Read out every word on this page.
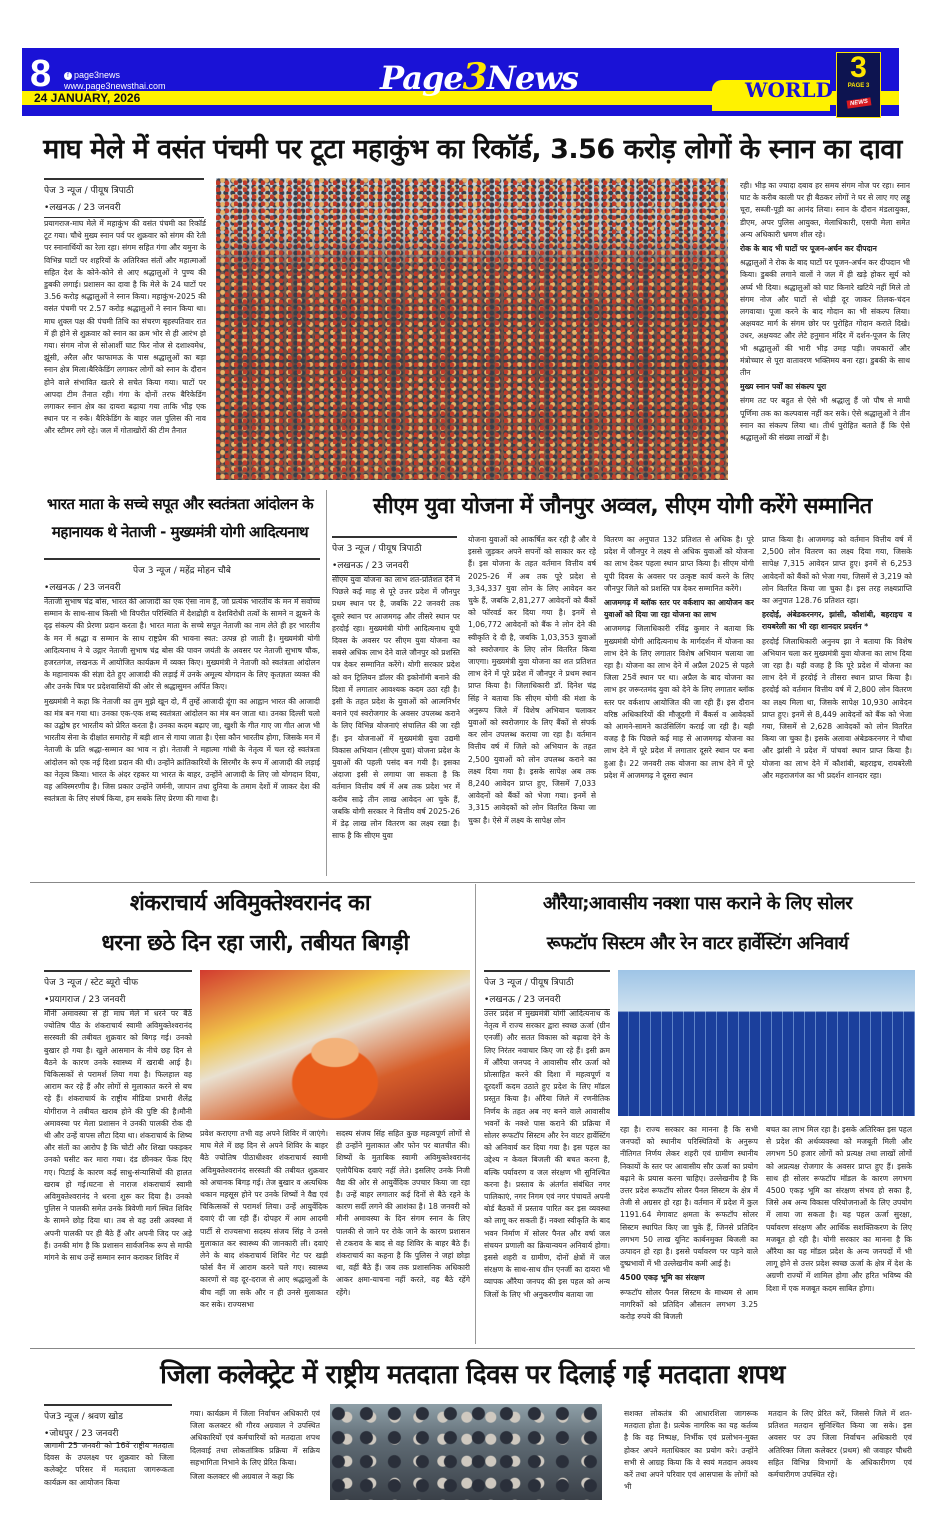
8	f page3news
www.page3newsthai.com
24 JANUARY, 2026
Page3News	WORLD
3
PAGE 3
NEWS
माघ मेले में वसंत पंचमी पर टूटा महाकुंभ का रिकॉर्ड, 3.56 करोड़ लोगों के स्नान का दावा
पेज 3 न्यूज / पीयूष त्रिपाठी
• लखनऊ / 23 जनवरी

प्रयागराज-माघ मेले में महाकुंभ की वसंत पंचमी का रिकॉर्ड टूट गया। चौथे मुख्य स्नान पर्व पर शुक्रवार को संगम की रेती पर स्नानार्थियों का रेला रहा। संगम सहित गंगा और यमुना के विभिन्न घाटों पर शहरियों के अतिरिक्त संतों और महात्माओं सहित देश के कोने-कोने से आए श्रद्धालुओं ने पुण्य की डुबकी लगाई। प्रशासन का दावा है कि मेले के 24 घाटों पर 3.56 करोड़ श्रद्धालुओं ने स्नान किया। महाकुंभ-2025 की वसंत पंचमी पर 2.57 करोड़ श्रद्धालुओं ने स्नान किया था।माघ शुक्ल पक्ष की पंचमी तिथि का संचरण बृहस्पतिवार रात में ही होने से शुक्रवार को स्नान का क्रम भोर से ही आरंभ हो गया। संगम नोज से सोआर्शी घाट फिर नोज से दशाश्वमेध, झूंसी, अरैल और फाफामऊ के पास श्रद्धालुओं का बड़ा स्नान क्षेत्र मिला।बैरिकेडिंग लगाकर लोगों को स्नान के दौरान होने वाले संभावित खतरे से सचेत किया गया। घाटों पर आपदा टीम तैनात रही। गंगा के दोनों तरफ बैरिकेडिंग लगाकर स्नान क्षेत्र का दायरा बढ़ाया गया ताकि भीड़ एक स्थान पर न रुके। बैरिकेडिंग के बाहर जल पुलिस की नाव और स्टीमर लगे रहे। जल में गोताखोरों की टीम तैनात

रही। भीड़ का ज्यादा दबाव हर समय संगम नोज पर रहा। स्नान घाट के करीब काली पर ही बैठकर लोगों ने घर से लाए गए लड्डू चूरा, सब्जी-पूड़ी का आनंद लिया। स्नान के दौरान मंडलायुक्त, डीएम, अपर पुलिस आयुक्त, मेलाधिकारी, एसपी मेला समेत अन्य अधिकारी भ्रमण शील रहे।

रोक के बाद भी घाटों पर पूजन-अर्चन कर दीपदान

श्रद्धालुओं ने रोक के बाद घाटों पर पूजन-अर्चन कर दीपदान भी किया। डुबकी लगाने वालों ने जल में ही खड़े होकर सूर्य को अर्घ्य भी दिया। श्रद्धालुओं को घाट किनारे खटिये नहीं मिले तो संगम नोज और घाटों से थोड़ी दूर जाकर तिलक-चंदन लगवाया। पूजा करने के बाद गोदान का भी संकल्प लिया। अक्षयवट मार्ग के संगम छोर पर पुरोहित गोदान कराते दिखे। उधर, अक्षयवट और लेटे हनुमान मंदिर में दर्शन-पूजन के लिए भी श्रद्धालुओं की भारी भीड़ उमड़ पड़ी। जयकारों और मंत्रोच्चार से पूरा वातावरण भक्तिमय बना रहा। डुबकी के साथ तीन

मुख्य स्नान पर्वों का संकल्प पूरा

संगम तट पर बहुत से ऐसे भी श्रद्धालु हैं जो पौष से माघी पूर्णिमा तक का कल्पवास नहीं कर सके। ऐसे श्रद्धालुओं ने तीन स्नान का संकल्प लिया था। तीर्थ पुरोहित बताते हैं कि ऐसे श्रद्धालुओं की संख्या लाखों में है।

भारत माता के सच्चे सपूत और स्वतंत्रता आंदोलन के महानायक थे नेताजी - मुख्यमंत्री योगी आदित्यनाथ
पेज 3 न्यूज / महेंद्र मोहन चौबे
• लखनऊ / 23 जनवरी

नेताजी सुभाष चंद्र बोस, भारत की आजादी का एक ऐसा नाम है, जो प्रत्येक भारतीय के मन में सर्वोच्च सम्मान के साथ-साथ किसी भी विपरीत परिस्थिति में देशद्रोही व देशविरोधी तत्वों के सामने न झुकने के दृढ़ संकल्प की प्रेरणा प्रदान करता है। भारत माता के सच्चे सपूत नेताजी का नाम लेते ही हर भारतीय के मन में श्रद्धा व सम्मान के साथ राष्ट्रप्रेम की भावना स्वत: उत्पन्न हो जाती है। मुख्यमंत्री योगी आदित्यनाथ ने ये उद्गार नेताजी सुभाष चंद्र बोस की पावन जयंती के अवसर पर नेताजी सुभाष चौक, हजरतगंज, लखनऊ में आयोजित कार्यक्रम में व्यक्त किए। मुख्यमंत्री ने नेताजी को स्वतंत्रता आंदोलन के महानायक की संज्ञा देते हुए आजादी की लड़ाई में उनके अमूल्य योगदान के लिए कृतज्ञता व्यक्त की और उनके चित्र पर प्रदेशवासियों की ओर से श्रद्धासुमन अर्पित किए।

मुख्यमंत्री ने कहा कि नेताजी का तुम मुझे खून दो, मैं तुम्हें आजादी दूंगा का आह्वान भारत की आजादी का मंत्र बन गया था। उनका एक-एक शब्द स्वतंत्रता आंदोलन का मंत्र बन जाता था। उनका दिल्ली चलो का उद्घोष हर भारतीय को प्रेरित करता है। उनका कदम बढ़ाए जा, खुशी के गीत गाए जा गीत आज भी भारतीय सेना के दीक्षांत समारोह में बड़ी शान से गाया जाता है। ऐसा कौन भारतीय होगा, जिसके मन में नेताजी के प्रति श्रद्धा-सम्मान का भाव न हो। नेताजी ने महात्मा गांधी के नेतृत्व में चल रहे स्वतंत्रता आंदोलन को एक नई दिशा प्रदान की थी। उन्होंने क्रांतिकारियों के सिरमौर के रूप में आजादी की लड़ाई का नेतृत्व किया। भारत के अंदर रहकर या भारत के बाहर, उन्होंने आजादी के लिए जो योगदान दिया, वह अविस्मरणीय है। जिस प्रकार उन्होंने जर्मनी, जापान तथा दुनिया के तमाम देशों में जाकर देश की स्वतंत्रता के लिए संघर्ष किया, हम सबके लिए प्रेरणा की गाथा है।

सीएम युवा योजना में जौनपुर अव्वल, सीएम योगी करेंगे सम्मानित
पेज 3 न्यूज / पीयूष त्रिपाठी
• लखनऊ / 23 जनवरी

सीएम युवा योजना का लाभ शत-प्रतिशत देने में पिछले कई माह से पूरे उत्तर प्रदेश में जौनपुर प्रथम स्थान पर है, जबकि 22 जनवरी तक दूसरे स्थान पर आजमगढ़ और तीसरे स्थान पर हरदोई रहा। मुख्यमंत्री योगी आदित्यनाथ यूपी दिवस के अवसर पर सीएम युवा योजना का सबसे अधिक लाभ देने वाले जौनपुर को प्रशस्ति पत्र देकर सम्मानित करेंगे। योगी सरकार प्रदेश को वन ट्रिलियन डॉलर की इकोनॉमी बनाने की दिशा में लगातार आवश्यक कदम उठा रही है। इसी के तहत प्रदेश के युवाओं को आत्मनिर्भर बनाने एवं स्वरोजगार के अवसर उपलब्ध कराने के लिए विभिन्न योजनाएं संचालित की जा रही हैं। इन योजनाओं में मुख्यमंत्री युवा उद्यमी विकास अभियान (सीएम युवा) योजना प्रदेश के युवाओं की पहली पसंद बन गयी है। इसका अंदाजा इसी से लगाया जा सकता है कि वर्तमान वित्तीय वर्ष में अब तक प्रदेश भर में करीब साढ़े तीन लाख आवेदन आ चुके हैं, जबकि योगी सरकार ने वित्तीय वर्ष 2025-26 में डेढ़ लाख लोन वितरण का लक्ष्य रखा है। साफ है कि सीएम युवा

योजना युवाओं को आकर्षित कर रही है और वे इससे जुड़कर अपने सपनों को साकार कर रहे हैं। इस योजना के तहत वर्तमान वित्तीय वर्ष 2025-26 में अब तक पूरे प्रदेश से 3,34,337 युवा लोन के लिए आवेदन कर चुके हैं, जबकि 2,81,277 आवेदनों को बैंकों को फॉरवर्ड कर दिया गया है। इनमें से 1,06,772 आवेदनों को बैंक ने लोन देने की स्वीकृति दे दी है, जबकि 1,03,353 युवाओं को स्वरोजगार के लिए लोन वितरित किया जाएगा। मुख्यमंत्री युवा योजना का शत प्रतिशत लाभ देने में पूरे प्रदेश में जौनपुर ने प्रथम स्थान प्राप्त किया है। जिलाधिकारी डॉ. दिनेश चंद्र सिंह ने बताया कि सीएम योगी की मंशा के अनुरूप जिले में विशेष अभियान चलाकर युवाओं को स्वरोजगार के लिए बैंकों से संपर्क कर लोन उपलब्ध कराया जा रहा है। वर्तमान वित्तीय वर्ष में जिले को अभियान के तहत 2,500 युवाओं को लोन उपलब्ध कराने का लक्ष्य दिया गया है। इसके सापेक्ष अब तक 8,240 आवेदन प्राप्त हुए, जिसमें 7,033 आवेदनों को बैंकों को भेजा गया। इनमें से 3,315 आवेदकों को लोन वितरित किया जा चुका है। ऐसे में लक्ष्य के सापेक्ष लोन

वितरण का अनुपात 132 प्रतिशत से अधिक है। पूरे प्रदेश में जौनपुर ने लक्ष्य से अधिक युवाओं को योजना का लाभ देकर पहला स्थान प्राप्त किया है। सीएम योगी यूपी दिवस के अवसर पर उत्कृष्ट कार्य करने के लिए जौनपुर जिले को प्रशस्ति पत्र देकर सम्मानित करेंगे।

आजमगढ़ में ब्लॉक स्तर पर वर्कशाप का आयोजन कर युवाओं को दिया जा रहा योजना का लाभ

आजमगढ़ जिलाधिकारी रविंद्र कुमार ने बताया कि मुख्यमंत्री योगी आदित्यनाथ के मार्गदर्शन में योजना का लाभ देने के लिए लगातार विशेष अभियान चलाया जा रहा है। योजना का लाभ देने में अप्रैल 2025 से पहले जिला 25वें स्थान पर था। अप्रैल के बाद योजना का लाभ हर जरूरतमंद युवा को देने के लिए लगातार ब्लॉक स्तर पर वर्कशाप आयोजित की जा रही हैं। इस दौरान वरिष्ठ अधिकारियों की मौजूदगी में बैंकर्स व आवेदकों को आमने-सामने काउंसिलिंग कराई जा रही है। यही वजह है कि पिछले कई माह से आजमगढ़ योजना का लाभ देने में पूरे प्रदेश में लगातार दूसरे स्थान पर बना हुआ है। 22 जनवरी तक योजना का लाभ देने में पूरे प्रदेश में आजमगढ़ ने दूसरा स्थान

प्राप्त किया है। आजमगढ़ को वर्तमान वित्तीय वर्ष में 2,500 लोन वितरण का लक्ष्य दिया गया, जिसके सापेक्ष 7,315 आवेदन प्राप्त हुए। इनमें से 6,253 आवेदनों को बैंकों को भेजा गया, जिसमें से 3,219 को लोन वितरित किया जा चुका है। इस तरह लक्ष्यप्राप्ति का अनुपात 128.76 प्रतिशत रहा।

हरदोई, अंबेडकरनगर, झांसी, कौशांबी, बहराइच व रायबरेली का भी रहा शानदार प्रदर्शन *

हरदोई जिलाधिकारी अनुनय झा ने बताया कि विशेष अभियान चला कर मुख्यमंत्री युवा योजना का लाभ दिया जा रहा है। यही वजह है कि पूरे प्रदेश में योजना का लाभ देने में हरदोई ने तीसरा स्थान प्राप्त किया है। हरदोई को वर्तमान वित्तीय वर्ष में 2,800 लोन वितरण का लक्ष्य मिला था, जिसके सापेक्ष 10,930 आवेदन प्राप्त हुए। इनमें से 8,449 आवेदनों को बैंक को भेजा गया, जिसमें से 2,628 आवेदकों को लोन वितरित किया जा चुका है। इसके अलावा अंबेडकरनगर ने चौथा और झांसी ने प्रदेश में पांचवां स्थान प्राप्त किया है। योजना का लाभ देने में कौशांबी, बहराइच, रायबरेली और महराजगंज का भी प्रदर्शन शानदार रहा।

शंकराचार्य अविमुक्तेश्वरानंद का
धरना छठे दिन रहा जारी, तबीयत बिगड़ी
पेज 3 न्यूज / स्टेट ब्यूरो चीफ
• प्रयागराज / 23 जनवरी

मौनी अमावस्या से ही माघ मेले में धरने पर बैठे ज्योतिष पीठ के शंकराचार्य स्वामी अविमुक्तेश्वरानंद सरस्वती की तबीयत शुक्रवार को बिगड़ गई। उनको बुखार हो गया है। खुले आसमान के नीचे छह दिन से बैठने के कारण उनके स्वास्थ्य में खराबी आई है। चिकित्सकों से परामर्श लिया गया है। फिलहाल वह आराम कर रहे हैं और लोगों से मुलाकात करने से बच रहे हैं। शंकराचार्य के राष्ट्रीय मीडिया प्रभारी शैलेंद्र योगीराज ने तबीयत खराब होने की पुष्टि की है।मौनी अमावस्या पर मेला प्रशासन ने उनकी पालकी रोक दी थी और उन्हें वापस लौटा दिया था। शंकराचार्य के शिष्य और संतों का आरोप है कि चोटी और शिखा पकड़कर उनको घसीट कर मारा गया। दंड छीनकर फेंक दिए गए। पिटाई के कारण कई साधु-संन्यासियों की हालत खराब हो गई।घटना से नाराज शंकराचार्य स्वामी अविमुक्तेश्वरानंद ने धरना शुरू कर दिया है। उनको पुलिस ने पालकी समेत उनके त्रिवेणी मार्ग स्थित शिविर के सामने छोड़ दिया था। तब से वह उसी अवस्था में अपनी पालकी पर ही बैठे हैं और अपनी जिद पर अड़े हैं। उनकी मांग है कि प्रशासन सार्वजनिक रूप से माफी मांगने के साथ उन्हें सम्मान स्नान कराकर शिविर में

प्रवेश कराएगा तभी वह अपने शिविर में जाएंगे। माघ मेले में छह दिन से अपने शिविर के बाहर बैठे ज्योतिष पीठाधीश्वर शंकराचार्य स्वामी अविमुक्तेश्वरानंद सरस्वती की तबीयत शुक्रवार को अचानक बिगड़ गई। तेज बुखार व अत्यधिक थकान महसूस होने पर उनके शिष्यों ने वैद्य एवं चिकित्सकों से परामर्श लिया। उन्हें आयुर्वेदिक दवाएं दी जा रही हैं। दोपहर में आम आदमी पार्टी से राज्यसभा सदस्य संजय सिंह ने उनसे मुलाकात कर स्वास्थ्य की जानकारी ली। दवाएं लेने के बाद शंकराचार्य शिविर गेट पर खड़ी फोर्स वैन में आराम करने चले गए। स्वास्थ्य कारणों से वह दूर-दराज से आए श्रद्धालुओं के बीच नहीं जा सके और न ही उनसे मुलाकात कर सके। राज्यसभा

सदस्य संजय सिंह सहित कुछ महत्वपूर्ण लोगों से ही उन्होंने मुलाकात और फोन पर बातचीत की। शिष्यों के मुताबिक स्वामी अविमुक्तेश्वरानंद एलोपैथिक दवाएं नहीं लेते। इसलिए उनके निजी वैद्य की ओर से आयुर्वेदिक उपचार किया जा रहा है। उन्हें बाहर लगातार कई दिनों से बैठे रहने के कारण सर्दी लगने की आशंका है। 18 जनवरी को मौनी अमावस्या के दिन संगम स्नान के लिए पालकी से जाने पर रोके जाने के कारण प्रशासन से टकराव के बाद से वह शिविर के बाहर बैठे हैं। शंकराचार्य का कहना है कि पुलिस ने जहां छोड़ा था, वहीं बैठे हैं। जब तक प्रशासनिक अधिकारी आकर क्षमा-याचना नहीं करते, वह बैठे रहेंगे रहेंगे।

औरैया;आवासीय नक्शा पास कराने के लिए सोलर
रूफटॉप सिस्टम और रेन वाटर हार्वेस्टिंग अनिवार्य
पेज 3 न्यूज / पीयूष त्रिपाठी
• लखनऊ / 23 जनवरी

उत्तर प्रदेश में मुख्यमंत्री योगी आदित्यनाथ के नेतृत्व में राज्य सरकार द्वारा स्वच्छ ऊर्जा (ग्रीन एनर्जी) और सतत विकास को बढ़ावा देने के लिए निरंतर नवाचार किए जा रहे हैं। इसी क्रम में औरैया जनपद ने आवासीय सौर ऊर्जा को प्रोत्साहित करने की दिशा में महत्वपूर्ण व दूरदर्शी कदम उठाते हुए प्रदेश के लिए मॉडल प्रस्तुत किया है। औरैया जिले में रणनीतिक निर्णय के तहत अब नए बनने वाले आवासीय भवनों के नक्शे पास कराने की प्रक्रिया में सोलर रूफटॉप सिस्टम और रेन वाटर हार्वेस्टिंग को अनिवार्य कर दिया गया है। इस पहल का उद्देश्य न केवल बिजली की बचत करना है, बल्कि पर्यावरण व जल संरक्षण भी सुनिश्चित करना है। प्रस्ताव के अंतर्गत संबंधित नगर पालिकाएं, नगर निगम एवं नगर पंचायतें अपनी बोर्ड बैठकों में प्रस्ताव पारित कर इस व्यवस्था को लागू कर सकती हैं। नक्शा स्वीकृति के बाद भवन निर्माण में सोलर पैनल और वर्षा जल संचयन प्रणाली का क्रियान्वयन अनिवार्य होगा। इससे शहरी व ग्रामीण, दोनों क्षेत्रों में जल संरक्षण के साथ-साथ ग्रीन एनर्जी का दायरा भी व्यापक औरैया जनपद की इस पहल को अन्य जिलों के लिए भी अनुकरणीय बताया जा

रहा है। राज्य सरकार का मानना है कि सभी जनपदों को स्थानीय परिस्थितियों के अनुरूप नीतिगत निर्णय लेकर शहरी एवं ग्रामीण स्थानीय निकायों के स्तर पर आवासीय सौर ऊर्जा का प्रयोग बढ़ाने के प्रयास करना चाहिए। उल्लेखनीय है कि उत्तर प्रदेश रूफटॉप सोलर पैनल सिस्टम के क्षेत्र में तेजी से अग्रसर हो रहा है। वर्तमान में प्रदेश में कुल 1191.64 मेगावाट क्षमता के रूफटॉप सोलर सिस्टम स्थापित किए जा चुके हैं, जिनसे प्रतिदिन लगभग 50 लाख यूनिट कार्बनमुक्त बिजली का उत्पादन हो रहा है। इससे पर्यावरण पर पड़ने वाले दुष्प्रभावों में भी उल्लेखनीय कमी आई है।

4500 एकड़ भूमि का संरक्षण

रूफटॉप सोलर पैनल सिस्टम के माध्यम से आम नागरिकों को प्रतिदिन औसतन लगभग 3.25 करोड़ रुपये की बिजली

बचत का लाभ मिल रहा है। इसके अतिरिक्त इस पहल से प्रदेश की अर्थव्यवस्था को मजबूती मिली और लगभग 50 हजार लोगों को प्रत्यक्ष तथा लाखों लोगों को अप्रत्यक्ष रोजगार के अवसर प्राप्त हुए हैं। इसके साथ ही सोलर रूफटॉप मॉडल के कारण लगभग 4500 एकड़ भूमि का संरक्षण संभव हो सका है, जिसे अब अन्य विकास परियोजनाओं के लिए उपयोग में लाया जा सकता है। यह पहल ऊर्जा सुरक्षा, पर्यावरण संरक्षण और आर्थिक सशक्तिकरण के लिए मजबूत हो रही है। योगी सरकार का मानना है कि औरैया का यह मॉडल प्रदेश के अन्य जनपदों में भी लागू होने से उत्तर प्रदेश स्वच्छ ऊर्जा के क्षेत्र में देश के अग्रणी राज्यों में शामिल होगा और हरित भविष्य की दिशा में एक मजबूत कदम साबित होगा।

जिला कलेक्ट्रेट में राष्ट्रीय मतदाता दिवस पर दिलाई गई मतदाता शपथ
पेज3 न्यूज / श्रवण खोड
• जोधपुर / 23 जनवरी

आगामी 25 जनवरी को 16वें राष्ट्रीय मतदाता दिवस के उपलक्ष्य पर शुक्रवार को जिला कलेक्ट्रेट परिसर में मतदाता जागरूकता कार्यक्रम का आयोजन किया

गया। कार्यक्रम में जिला निर्वाचन अधिकारी एवं जिला कलक्टर श्री गौरव अग्रवाल ने उपस्थित अधिकारियों एवं कर्मचारियों को मतदाता शपथ दिलवाई तथा लोकतांत्रिक प्रक्रिया में सक्रिय सहभागिता निभाने के लिए प्रेरित किया।

जिला कलक्टर श्री अग्रवाल ने कहा कि

सशक्त लोकतंत्र की आधारशिला जागरूक मतदाता होता है। प्रत्येक नागरिक का यह कर्तव्य है कि वह निष्पक्ष, निर्भीक एवं प्रलोभन-मुक्त होकर अपने मताधिकार का प्रयोग करे। उन्होंने सभी से आग्रह किया कि वे स्वयं मतदान अवश्य करें तथा अपने परिवार एवं आसपास के लोगों को भी

मतदान के लिए प्रेरित करें, जिससे जिले में शत-प्रतिशत मतदान सुनिश्चित किया जा सके। इस अवसर पर उप जिला निर्वाचन अधिकारी एवं अतिरिक्त जिला कलेक्टर (प्रथम) श्री जवाहर चौधरी सहित विभिन्न विभागों के अधिकारीगण एवं कर्मचारीगण उपस्थित रहे।
